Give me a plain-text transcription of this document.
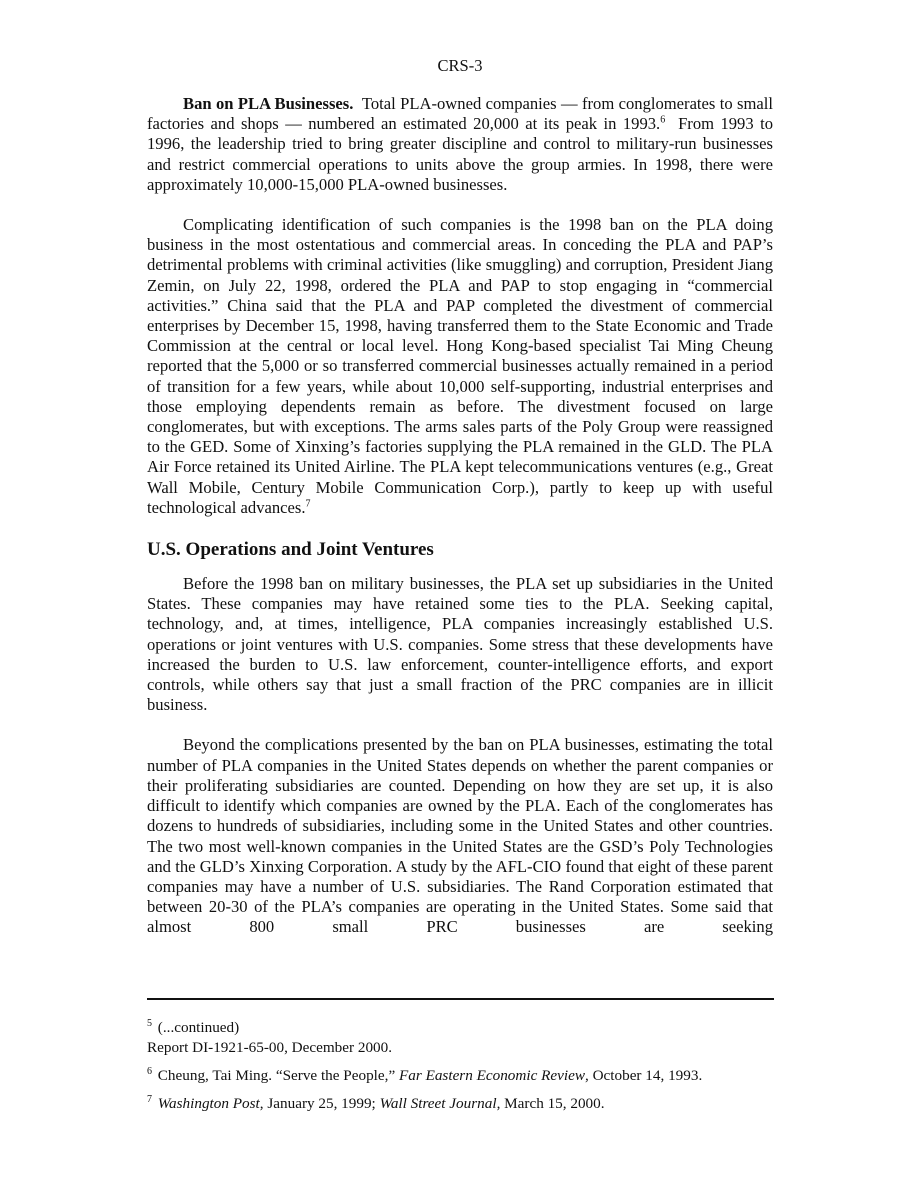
CRS-3

Ban on PLA Businesses. Total PLA-owned companies — from conglomerates to small factories and shops — numbered an estimated 20,000 at its peak in 1993.$^6$ From 1993 to 1996, the leadership tried to bring greater discipline and control to military-run businesses and restrict commercial operations to units above the group armies. In 1998, there were approximately 10,000-15,000 PLA-owned businesses.

Complicating identification of such companies is the 1998 ban on the PLA doing business in the most ostentatious and commercial areas. In conceding the PLA and PAP’s detrimental problems with criminal activities (like smuggling) and corruption, President Jiang Zemin, on July 22, 1998, ordered the PLA and PAP to stop engaging in “commercial activities.” China said that the PLA and PAP completed the divestment of commercial enterprises by December 15, 1998, having transferred them to the State Economic and Trade Commission at the central or local level. Hong Kong-based specialist Tai Ming Cheung reported that the 5,000 or so transferred commercial businesses actually remained in a period of transition for a few years, while about 10,000 self-supporting, industrial enterprises and those employing dependents remain as before. The divestment focused on large conglomerates, but with exceptions. The arms sales parts of the Poly Group were reassigned to the GED. Some of Xinxing’s factories supplying the PLA remained in the GLD. The PLA Air Force retained its United Airline. The PLA kept telecommunications ventures (e.g., Great Wall Mobile, Century Mobile Communication Corp.), partly to keep up with useful technological advances.$^7$

U.S. Operations and Joint Ventures

Before the 1998 ban on military businesses, the PLA set up subsidiaries in the United States. These companies may have retained some ties to the PLA. Seeking capital, technology, and, at times, intelligence, PLA companies increasingly established U.S. operations or joint ventures with U.S. companies. Some stress that these developments have increased the burden to U.S. law enforcement, counter-intelligence efforts, and export controls, while others say that just a small fraction of the PRC companies are in illicit business.

Beyond the complications presented by the ban on PLA businesses, estimating the total number of PLA companies in the United States depends on whether the parent companies or their proliferating subsidiaries are counted. Depending on how they are set up, it is also difficult to identify which companies are owned by the PLA. Each of the conglomerates has dozens to hundreds of subsidiaries, including some in the United States and other countries. The two most well-known companies in the United States are the GSD’s Poly Technologies and the GLD’s Xinxing Corporation. A study by the AFL-CIO found that eight of these parent companies may have a number of U.S. subsidiaries. The Rand Corporation estimated that between 20-30 of the PLA’s companies are operating in the United States. Some said that almost 800 small PRC businesses are seeking

$^5$ (...continued)
Report DI-1921-65-00, December 2000.
$^6$ Cheung, Tai Ming. “Serve the People,” Far Eastern Economic Review, October 14, 1993.
$^7$ Washington Post, January 25, 1999; Wall Street Journal, March 15, 2000.
